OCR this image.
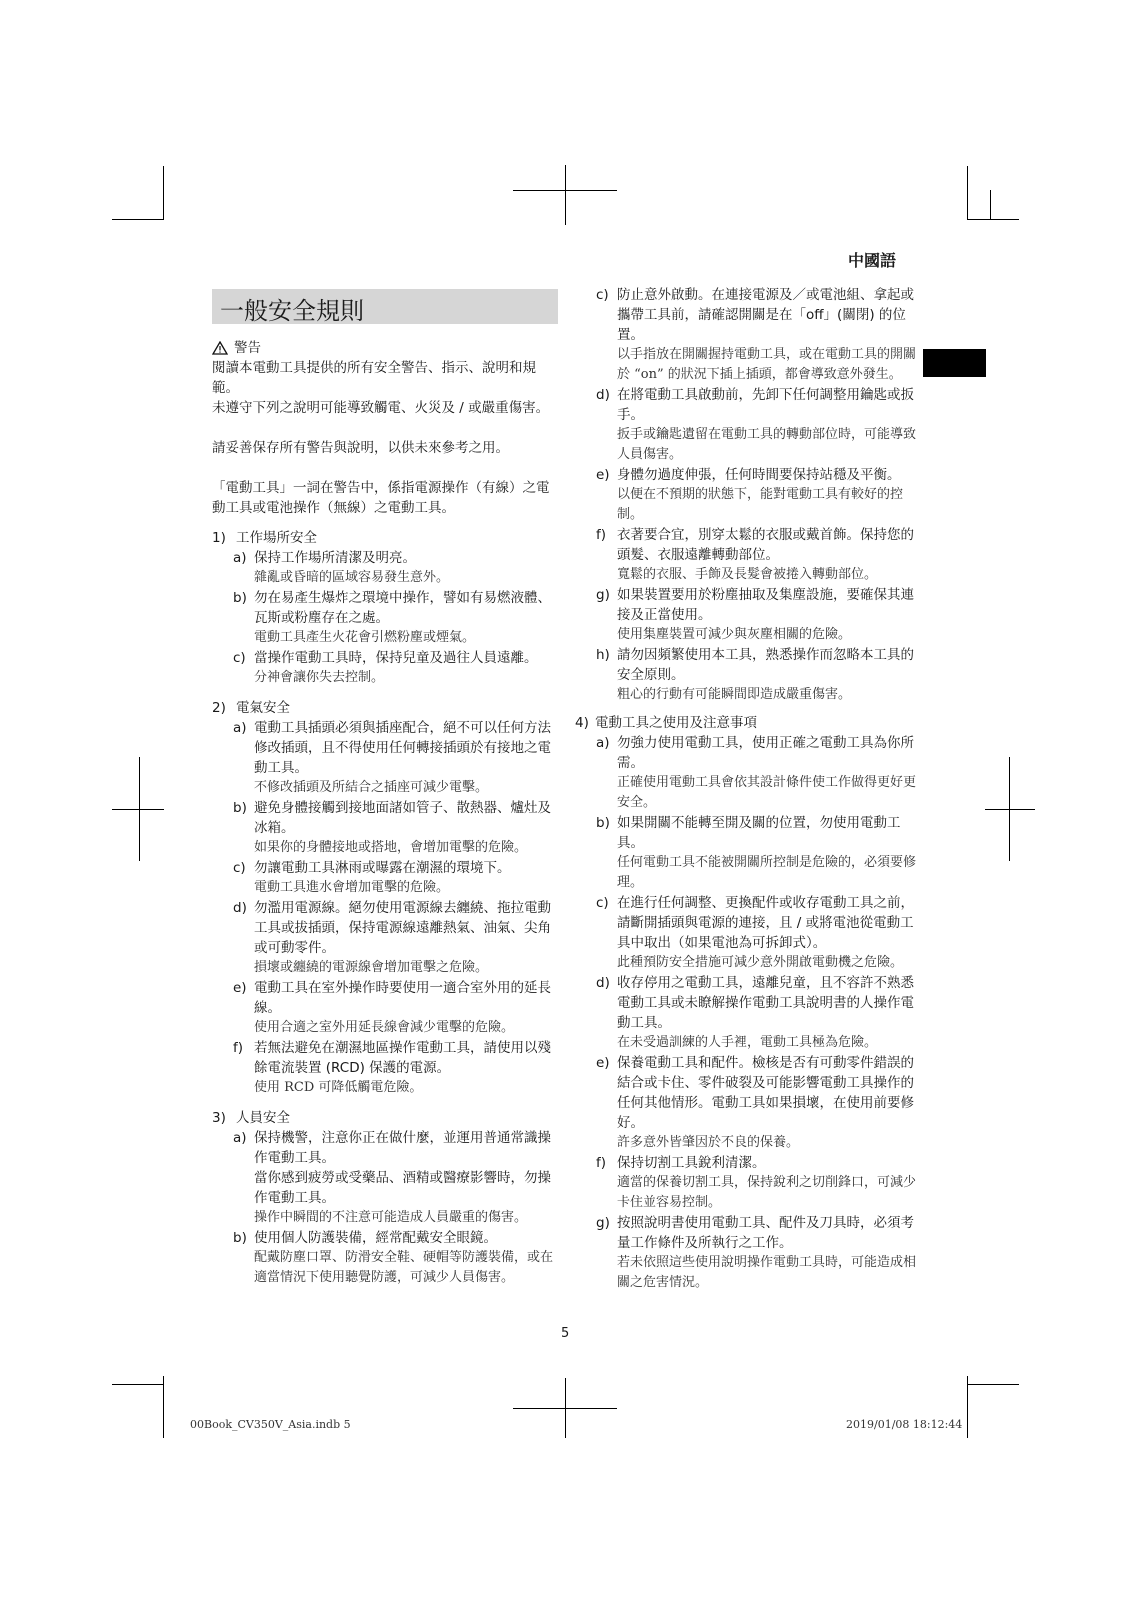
中國語
一般安全規則
警告

閱讀本電動工具提供的所有安全警告、指示、說明和規範。

未遵守下列之說明可能導致觸電、火災及 / 或嚴重傷害。

請妥善保存所有警告與說明，以供未來參考之用。

「電動工具」一詞在警告中，係指電源操作（有線）之電動工具或電池操作（無線）之電動工具。

1) 工作場所安全

a) 保持工作場所清潔及明亮。

雜亂或昏暗的區域容易發生意外。

b) 勿在易產生爆炸之環境中操作，譬如有易燃液體、瓦斯或粉塵存在之處。

電動工具產生火花會引燃粉塵或煙氣。

c) 當操作電動工具時，保持兒童及過往人員遠離。

分神會讓你失去控制。

2) 電氣安全

a) 電動工具插頭必須與插座配合，絕不可以任何方法修改插頭，且不得使用任何轉接插頭於有接地之電動工具。

不修改插頭及所結合之插座可減少電擊。

b) 避免身體接觸到接地面諸如管子、散熱器、爐灶及冰箱。

如果你的身體接地或搭地，會增加電擊的危險。

c) 勿讓電動工具淋雨或曝露在潮濕的環境下。

電動工具進水會增加電擊的危險。

d) 勿濫用電源線。絕勿使用電源線去纏繞、拖拉電動工具或拔插頭，保持電源線遠離熱氣、油氣、尖角或可動零件。

損壞或纏繞的電源線會增加電擊之危險。

e) 電動工具在室外操作時要使用一適合室外用的延長線。

使用合適之室外用延長線會減少電擊的危險。

f) 若無法避免在潮濕地區操作電動工具，請使用以殘餘電流裝置 (RCD) 保護的電源。

使用 RCD 可降低觸電危險。

3) 人員安全

a) 保持機警，注意你正在做什麼，並運用普通常識操作電動工具。

當你感到疲勞或受藥品、酒精或醫療影響時，勿操作電動工具。

操作中瞬間的不注意可能造成人員嚴重的傷害。

b) 使用個人防護裝備，經常配戴安全眼鏡。

配戴防塵口罩、防滑安全鞋、硬帽等防護裝備，或在適當情況下使用聽覺防護，可減少人員傷害。

c) 防止意外啟動。在連接電源及／或電池組、拿起或攜帶工具前，請確認開關是在「off」(關閉) 的位置。

以手指放在開關握持電動工具，或在電動工具的開關於 “on” 的狀況下插上插頭，都會導致意外發生。

d) 在將電動工具啟動前，先卸下任何調整用鑰匙或扳手。

扳手或鑰匙遺留在電動工具的轉動部位時，可能導致人員傷害。

e) 身體勿過度伸張，任何時間要保持站穩及平衡。

以便在不預期的狀態下，能對電動工具有較好的控制。

f) 衣著要合宜，別穿太鬆的衣服或戴首飾。保持您的頭髮、衣服遠離轉動部位。

寬鬆的衣服、手飾及長髮會被捲入轉動部位。

g) 如果裝置要用於粉塵抽取及集塵設施，要確保其連接及正當使用。

使用集塵裝置可減少與灰塵相關的危險。

h) 請勿因頻繁使用本工具，熟悉操作而忽略本工具的安全原則。

粗心的行動有可能瞬間即造成嚴重傷害。

4) 電動工具之使用及注意事項

a) 勿強力使用電動工具，使用正確之電動工具為你所需。

正確使用電動工具會依其設計條件使工作做得更好更安全。

b) 如果開關不能轉至開及關的位置，勿使用電動工具。

任何電動工具不能被開關所控制是危險的，必須要修理。

c) 在進行任何調整、更換配件或收存電動工具之前，請斷開插頭與電源的連接，且 / 或將電池從電動工具中取出（如果電池為可拆卸式）。

此種預防安全措施可減少意外開啟電動機之危險。

d) 收存停用之電動工具，遠離兒童，且不容許不熟悉電動工具或未瞭解操作電動工具說明書的人操作電動工具。

在未受過訓練的人手裡，電動工具極為危險。

e) 保養電動工具和配件。檢核是否有可動零件錯誤的結合或卡住、零件破裂及可能影響電動工具操作的任何其他情形。電動工具如果損壞，在使用前要修好。

許多意外皆肇因於不良的保養。

f) 保持切割工具銳利清潔。

適當的保養切割工具，保持銳利之切削鋒口，可減少卡住並容易控制。

g) 按照說明書使用電動工具、配件及刀具時，必須考量工作條件及所執行之工作。

若未依照這些使用說明操作電動工具時，可能造成相關之危害情況。

5
00Book_CV350V_Asia.indb 5	2019/01/08 18:12:44
